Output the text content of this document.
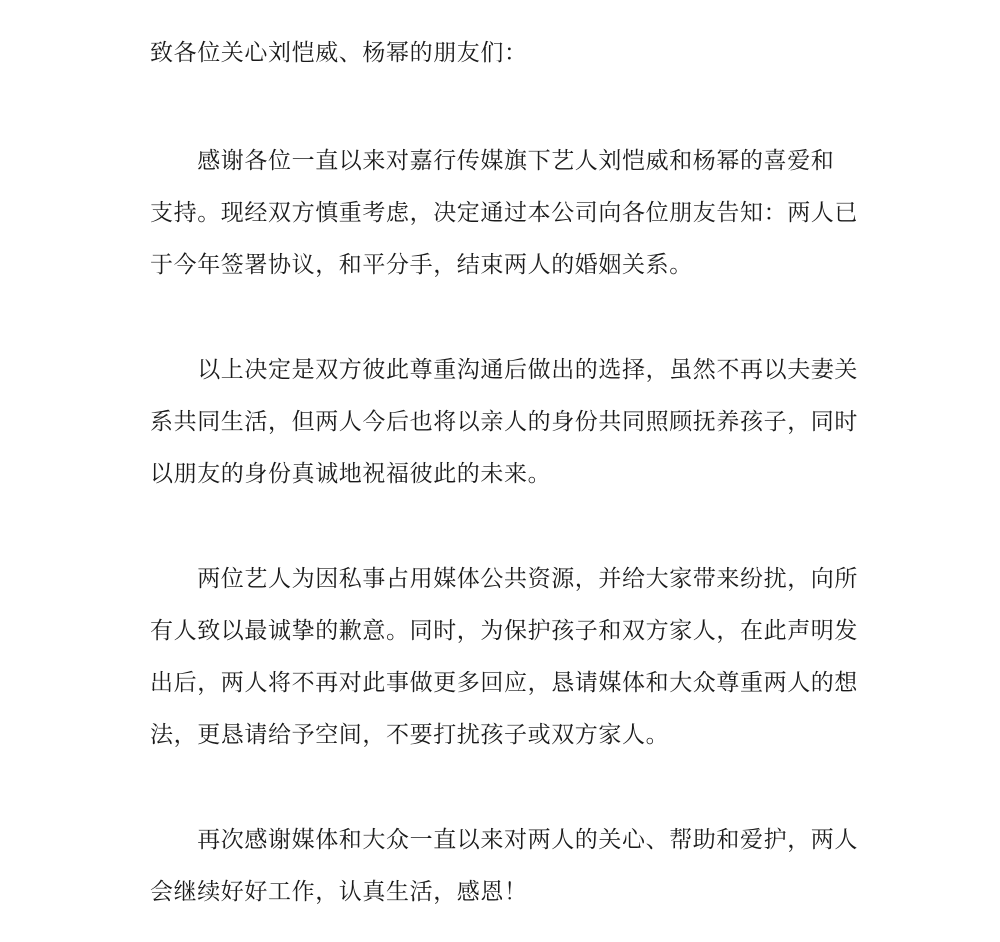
致各位关心刘恺威、杨幂的朋友们：
　　感谢各位一直以来对嘉行传媒旗下艺人刘恺威和杨幂的喜爱和
支持。现经双方慎重考虑，决定通过本公司向各位朋友告知：两人已
于今年签署协议，和平分手，结束两人的婚姻关系。
　　以上决定是双方彼此尊重沟通后做出的选择，虽然不再以夫妻关
系共同生活，但两人今后也将以亲人的身份共同照顾抚养孩子，同时
以朋友的身份真诚地祝福彼此的未来。
　　两位艺人为因私事占用媒体公共资源，并给大家带来纷扰，向所
有人致以最诚挚的歉意。同时，为保护孩子和双方家人，在此声明发
出后，两人将不再对此事做更多回应，恳请媒体和大众尊重两人的想
法，更恳请给予空间，不要打扰孩子或双方家人。
　　再次感谢媒体和大众一直以来对两人的关心、帮助和爱护，两人
会继续好好工作，认真生活，感恩！
